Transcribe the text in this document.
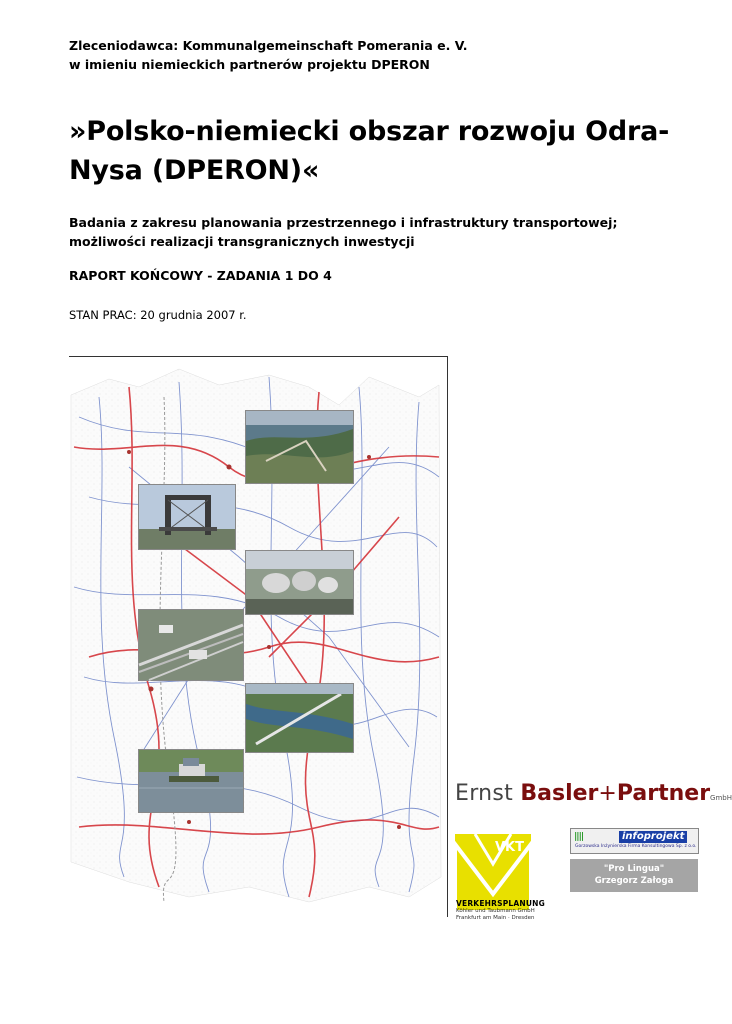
Zleceniodawca: Kommunalgemeinschaft Pomerania e. V.
w imieniu niemieckich partnerów projektu DPERON
»Polsko-niemiecki obszar rozwoju Odra-
Nysa (DPERON)«
Badania z zakresu planowania przestrzennego i infrastruktury transportowej;
możliwości realizacji transgranicznych inwestycji
RAPORT KOŃCOWY - ZADANIA 1 DO 4
STAN PRAC: 20 grudnia 2007 r.
Ernst Basler+PartnerGmbH
VKT
VERKEHRSPLANUNG
Köhler und Taubmann GmbH
Frankfurt am Main · Dresden
||||	infoprojekt
Gorzowska Inżynierska Firma Konsultingowa Sp. z o.o.
"Pro Lingua"
Grzegorz Załoga
